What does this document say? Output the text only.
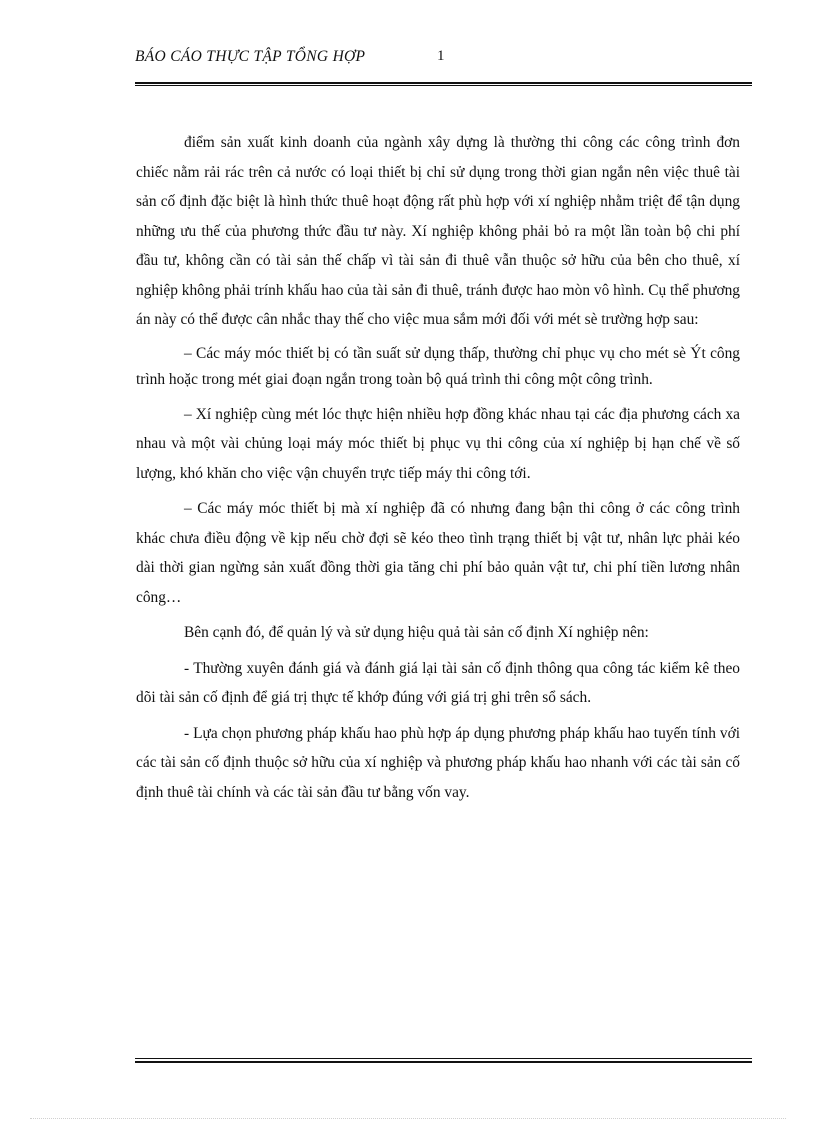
BÁO CÁO THỰC TẬP TỔNG HỢP	1

điểm sản xuất kinh doanh của ngành xây dựng là thường thi công các công trình đơn chiếc nằm rải rác trên cả nước có loại thiết bị chỉ sử dụng trong thời gian ngắn nên việc thuê tài sản cố định đặc biệt là hình thức thuê hoạt động rất phù hợp với xí nghiệp nhằm triệt để tận dụng những ưu thế của phương thức đầu tư này. Xí nghiệp không phải bỏ ra một lần toàn bộ chi phí đầu tư, không cần có tài sản thế chấp vì tài sản đi thuê vẫn thuộc sở hữu của bên cho thuê, xí nghiệp không phải trính khấu hao của tài sản đi thuê, tránh được hao mòn vô hình. Cụ thể phương án này có thể được cân nhắc thay thế cho việc mua sắm mới đối với mét sè trường hợp sau:

– Các máy móc thiết bị có tần suất sử dụng thấp, thường chỉ phục vụ cho mét sè Ýt công trình hoặc trong mét giai đoạn ngắn trong toàn bộ quá trình thi công một công trình.

– Xí nghiệp cùng mét lóc thực hiện nhiều hợp đồng khác nhau tại các địa phương cách xa nhau và một vài chủng loại máy móc thiết bị phục vụ thi công của xí nghiệp bị hạn chế về số lượng, khó khăn cho việc vận chuyển trực tiếp máy thi công tới.

– Các máy móc thiết bị mà xí nghiệp đã có nhưng đang bận thi công ở các công trình khác chưa điều động về kịp nếu chờ đợi sẽ kéo theo tình trạng thiết bị vật tư, nhân lực phải kéo dài thời gian ngừng sản xuất đồng thời gia tăng chi phí bảo quản vật tư, chi phí tiền lương nhân công…

Bên cạnh đó, để quản lý và sử dụng hiệu quả tài sản cố định Xí nghiệp nên:

- Thường xuyên đánh giá và đánh giá lại tài sản cố định thông qua công tác kiểm kê theo dõi tài sản cố định để giá trị thực tế khớp đúng với giá trị ghi trên sổ sách.

- Lựa chọn phương pháp khấu hao phù hợp áp dụng phương pháp khấu hao tuyến tính với các tài sản cố định thuộc sở hữu của xí nghiệp và phương pháp khấu hao nhanh với các tài sản cố định thuê tài chính và các tài sản đầu tư bằng vốn vay.
